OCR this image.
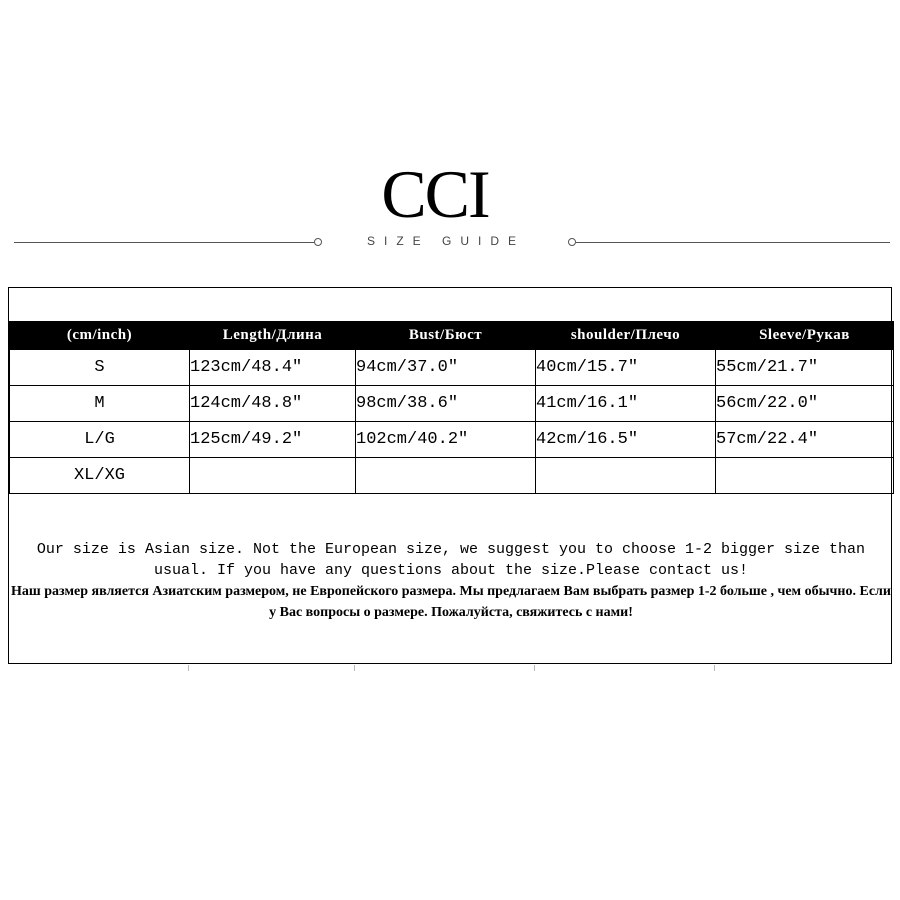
CCI
SIZE GUIDE
(cm/inch)	Length/Длина	Bust/Бюст	shoulder/Плечо	Sleeve/Рукав
S	123cm/48.4"	94cm/37.0"	40cm/15.7"	55cm/21.7"
M	124cm/48.8"	98cm/38.6"	41cm/16.1"	56cm/22.0"
L/G	125cm/49.2"	102cm/40.2"	42cm/16.5"	57cm/22.4"
XL/XG				
Our size is Asian size. Not the European size, we suggest you to choose 1-2 bigger size than usual. If you have any questions about the size.Please contact us!
Наш размер является Азиатским размером, не Европейского размера. Мы предлагаем Вам выбрать размер 1-2 больше , чем обычно. Если у Вас вопросы о размере. Пожалуйста, свяжитесь с нами!
